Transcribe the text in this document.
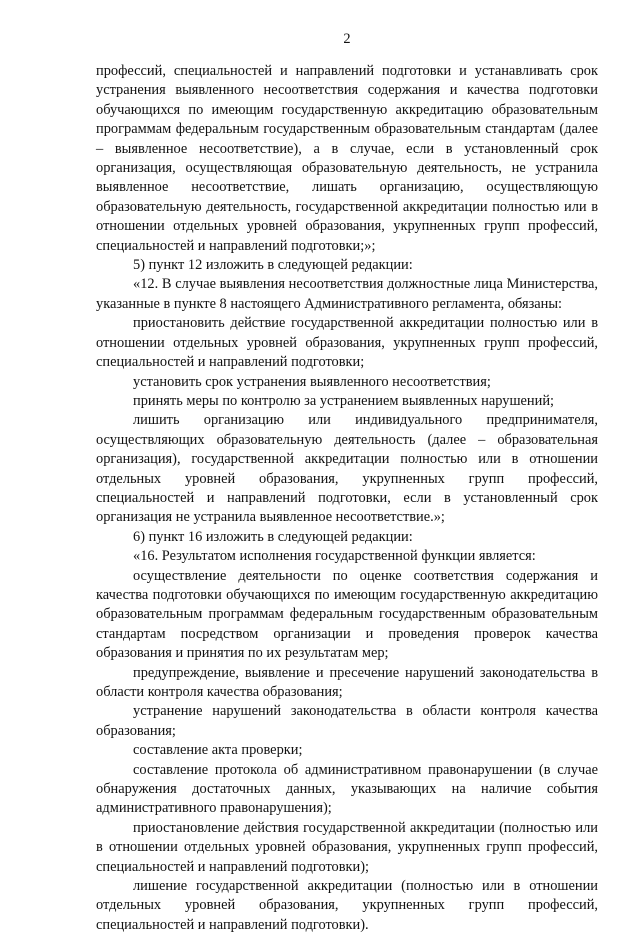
2

профессий, специальностей и направлений подготовки и устанавливать срок устранения выявленного несоответствия содержания и качества подготовки обучающихся по имеющим государственную аккредитацию образовательным программам федеральным государственным образовательным стандартам (далее – выявленное несоответствие), а в случае, если в установленный срок организация, осуществляющая образовательную деятельность, не устранила выявленное несоответствие, лишать организацию, осуществляющую образовательную деятельность, государственной аккредитации полностью или в отношении отдельных уровней образования, укрупненных групп профессий, специальностей и направлений подготовки;»;

5) пункт 12 изложить в следующей редакции:

«12. В случае выявления несоответствия должностные лица Министерства, указанные в пункте 8 настоящего Административного регламента, обязаны:

приостановить действие государственной аккредитации полностью или в отношении отдельных уровней образования, укрупненных групп профессий, специальностей и направлений подготовки;

установить срок устранения выявленного несоответствия;

принять меры по контролю за устранением выявленных нарушений;

лишить организацию или индивидуального предпринимателя, осуществляющих образовательную деятельность (далее – образовательная организация), государственной аккредитации полностью или в отношении отдельных уровней образования, укрупненных групп профессий, специальностей и направлений подготовки, если в установленный срок организация не устранила выявленное несоответствие.»;

6) пункт 16 изложить в следующей редакции:

«16. Результатом исполнения государственной функции является:

осуществление деятельности по оценке соответствия содержания и качества подготовки обучающихся по имеющим государственную аккредитацию образовательным программам федеральным государственным образовательным стандартам посредством организации и проведения проверок качества образования и принятия по их результатам мер;

предупреждение, выявление и пресечение нарушений законодательства в области контроля качества образования;

устранение нарушений законодательства в области контроля качества образования;

составление акта проверки;

составление протокола об административном правонарушении (в случае обнаружения достаточных данных, указывающих на наличие события административного правонарушения);

приостановление действия государственной аккредитации (полностью или в отношении отдельных уровней образования, укрупненных групп профессий, специальностей и направлений подготовки);

лишение государственной аккредитации (полностью или в отношении отдельных уровней образования, укрупненных групп профессий, специальностей и направлений подготовки).
